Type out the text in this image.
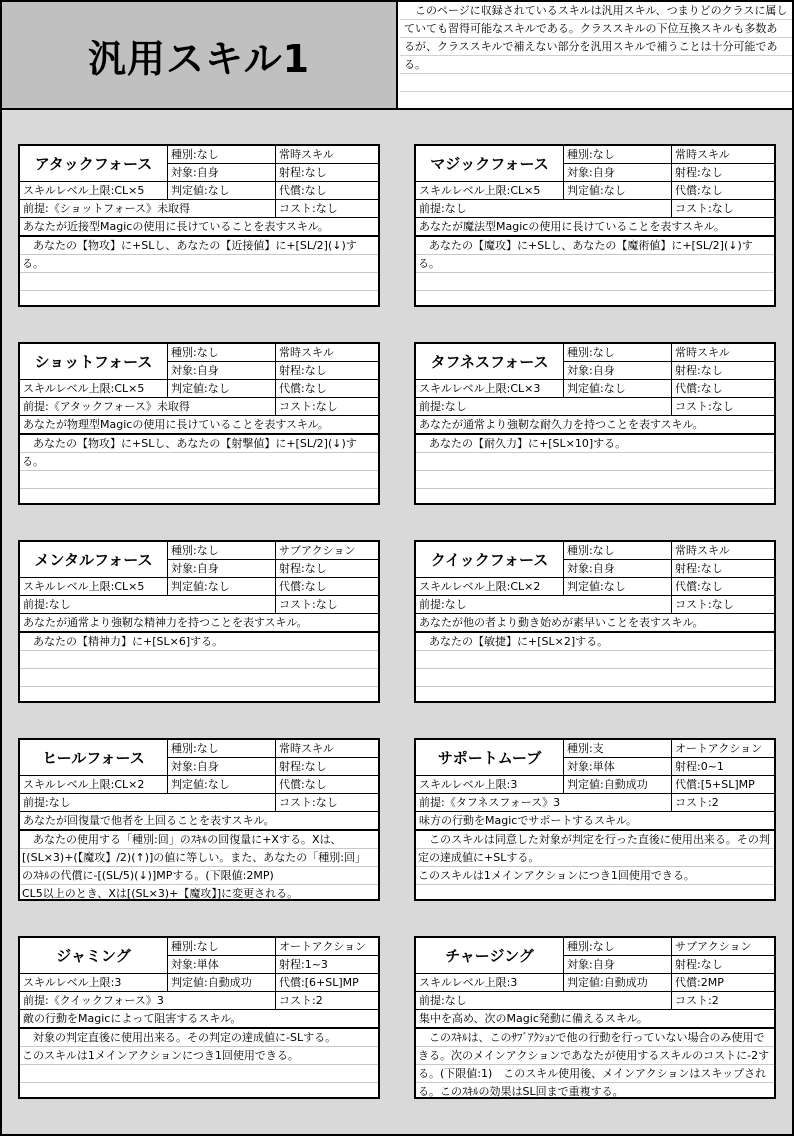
汎用スキル1
　このページに収録されているスキルは汎用スキル、つまりどのクラスに属していても習得可能なスキルである。クラススキルの下位互換スキルも多数あるが、クラススキルで補えない部分を汎用スキルで補うことは十分可能である。
アタックフォース
種別:なし	常時スキル
対象:自身	射程:なし
スキルレベル上限:CL×5	判定値:なし	代償:なし
前提:《ショットフォース》未取得	コスト:なし
あなたが近接型Magicの使用に長けていることを表すスキル。
　あなたの【物攻】に+SLし、あなたの【近接値】に+[SL/2](↓)する。
マジックフォース
種別:なし	常時スキル
対象:自身	射程:なし
スキルレベル上限:CL×5	判定値:なし	代償:なし
前提:なし	コスト:なし
あなたが魔法型Magicの使用に長けていることを表すスキル。
　あなたの【魔攻】に+SLし、あなたの【魔術値】に+[SL/2](↓)する。
ショットフォース
種別:なし	常時スキル
対象:自身	射程:なし
スキルレベル上限:CL×5	判定値:なし	代償:なし
前提:《アタックフォース》未取得	コスト:なし
あなたが物理型Magicの使用に長けていることを表すスキル。
　あなたの【物攻】に+SLし、あなたの【射撃値】に+[SL/2](↓)する。
タフネスフォース
種別:なし	常時スキル
対象:自身	射程:なし
スキルレベル上限:CL×3	判定値:なし	代償:なし
前提:なし	コスト:なし
あなたが通常より強靭な耐久力を持つことを表すスキル。
　あなたの【耐久力】に+[SL×10]する。
メンタルフォース
種別:なし	サブアクション
対象:自身	射程:なし
スキルレベル上限:CL×5	判定値:なし	代償:なし
前提:なし	コスト:なし
あなたが通常より強靭な精神力を持つことを表すスキル。
　あなたの【精神力】に+[SL×6]する。
クイックフォース
種別:なし	常時スキル
対象:自身	射程:なし
スキルレベル上限:CL×2	判定値:なし	代償:なし
前提:なし	コスト:なし
あなたが他の者より動き始めが素早いことを表すスキル。
　あなたの【敏捷】に+[SL×2]する。
ヒールフォース
種別:なし	常時スキル
対象:自身	射程:なし
スキルレベル上限:CL×2	判定値:なし	代償:なし
前提:なし	コスト:なし
あなたが回復量で他者を上回ることを表すスキル。
　あなたの使用する「種別:回」のｽｷﾙの回復量に+Xする。Xは、[(SL×3)+(【魔攻】/2)(↑)]の値に等しい。また、あなたの「種別:回」のｽｷﾙの代償に-[(SL/5)(↓)]MPする。(下限値:2MP)
CL5以上のとき、Xは[(SL×3)+【魔攻】]に変更される。
サポートムーブ
種別:支	オートアクション
対象:単体	射程:0~1
スキルレベル上限:3	判定値:自動成功	代償:[5+SL]MP
前提:《タフネスフォース》3	コスト:2
味方の行動をMagicでサポートするスキル。
　このスキルは同意した対象が判定を行った直後に使用出来る。その判定の達成値に+SLする。
このスキルは1メインアクションにつき1回使用できる。
ジャミング
種別:なし	オートアクション
対象:単体	射程:1~3
スキルレベル上限:3	判定値:自動成功	代償:[6+SL]MP
前提:《クイックフォース》3	コスト:2
敵の行動をMagicによって阻害するスキル。
　対象の判定直後に使用出来る。その判定の達成値に-SLする。
このスキルは1メインアクションにつき1回使用できる。
チャージング
種別:なし	サブアクション
対象:自身	射程:なし
スキルレベル上限:3	判定値:自動成功	代償:2MP
前提:なし	コスト:2
集中を高め、次のMagic発動に備えるスキル。
　このｽｷﾙは、このｻﾌﾞｱｸｼｮﾝで他の行動を行っていない場合のみ使用できる。次のメインアクションであなたが使用するスキルのコストに-2する。(下限値:1)　このスキル使用後、メインアクションはスキップされる。このｽｷﾙの効果はSL回まで重複する。
